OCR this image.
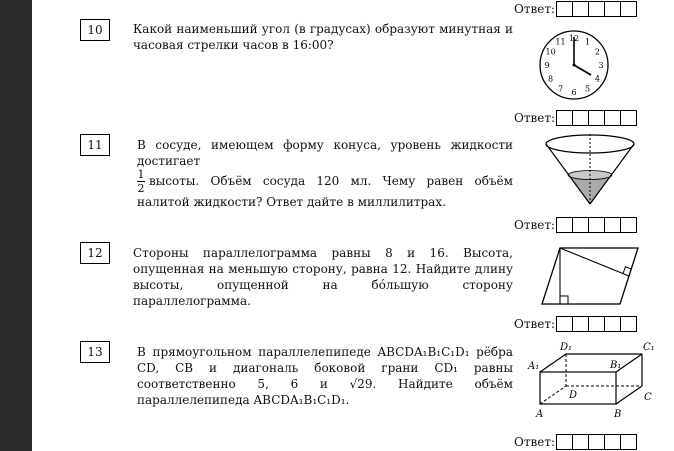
Ответ:
10	Какой наименьший угол (в градусах) образуют минутная и часовая стрелки часов в 16:00?	12 1
2
3
4
5
6
7
8
9
10
11
Ответ:
11	В сосуде, имеющем форму конуса, уровень жидкости достигает

$\frac{1}{2}$ высоты. Объём сосуда 120 мл. Чему равен объём налитой жидкости? Ответ дайте в миллилитрах.
Ответ:
12	Стороны параллелограмма равны 8 и 16. Высота, опущенная на меньшую сторону, равна 12. Найдите длину высоты, опущенной на бóльшую сторону параллелограмма.
Ответ:
13	В прямоугольном параллелепипеде ABCDA₁B₁C₁D₁ рёбра CD, CB и диагональ боковой грани CD₁ равны соответственно 5, 6 и √29. Найдите объём параллелепипеда ABCDA₁B₁C₁D₁.
D₁	C₁
A₁	B₁
D	C
A	B
Ответ:
